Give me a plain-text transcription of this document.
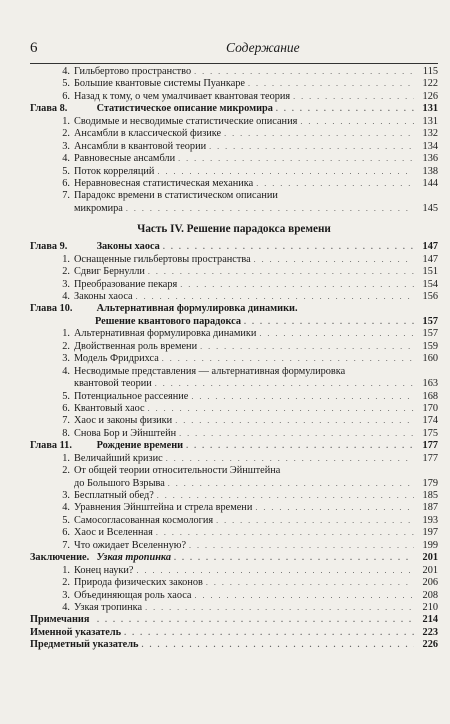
6	Содержание
4. Гильбертово пространство . . .	115
5. Большие квантовые системы Пуанкаре . . .	122
6. Назад к тому, о чем умалчивает квантовая теория . . .	126
Глава 8.	Статистическое описание микромира . . .	131
1. Сводимые и несводимые статистические описания . . .	131
2. Ансамбли в классической физике . . .	132
3. Ансамбли в квантовой теории . . .	134
4. Равновесные ансамбли . . .	136
5. Поток корреляций . . .	138
6. Неравновесная статистическая механика . . .	144
7. Парадокс времени в статистическом описании
микромира . . .	145
Часть IV. Решение парадокса времени
Глава 9.	Законы хаоса . . .	147
1. Оснащенные гильбертовы пространства . . .	147
2. Сдвиг Бернулли . . .	151
3. Преобразование пекаря . . .	154
4. Законы хаоса . . .	156
Глава 10. Альтернативная формулировка динамики.
Решение квантового парадокса . . .	157
1. Альтернативная формулировка динамики . . .	157
2. Двойственная роль времени . . .	159
3. Модель Фридрихса . . .	160
4. Несводимые представления — альтернативная формулировка
квантовой теории . . .	163
5. Потенциальное рассеяние . . .	168
6. Квантовый хаос . . .	170
7. Хаос и законы физики . . .	174
8. Снова Бор и Эйнштейн . . .	175
Глава 11. Рождение времени . . .	177
1. Величайший кризис . . .	177
2. От общей теории относительности Эйнштейна
до Большого Взрыва . . .	179
3. Бесплатный обед? . . .	185
4. Уравнения Эйнштейна и стрела времени . . .	187
5. Самосогласованная космология . . .	193
6. Хаос и Вселенная . . .	197
7. Что ожидает Вселенную? . . .	199
Заключение. Узкая тропинка . . .	201
1. Конец науки? . . .	201
2. Природа физических законов . . .	206
3. Объединяющая роль хаоса . . .	208
4. Узкая тропинка . . .	210
Примечания . . .	214
Именной указатель . . .	223
Предметный указатель . . .	226
